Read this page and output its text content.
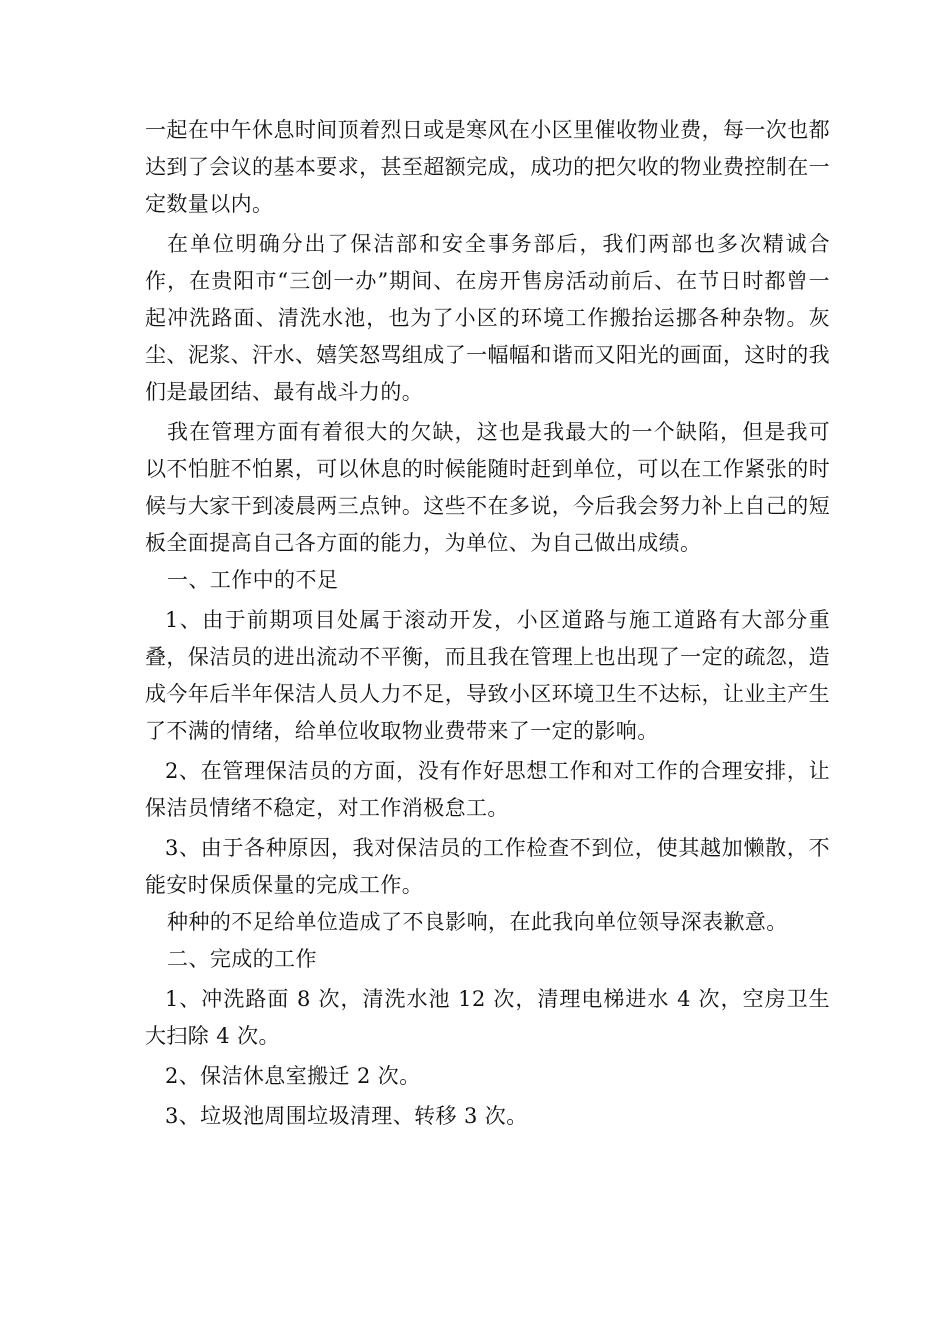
一起在中午休息时间顶着烈日或是寒风在小区里催收物业费，每一次也都达到了会议的基本要求，甚至超额完成，成功的把欠收的物业费控制在一定数量以内。

在单位明确分出了保洁部和安全事务部后，我们两部也多次精诚合作，在贵阳市“三创一办”期间、在房开售房活动前后、在节日时都曾一起冲洗路面、清洗水池，也为了小区的环境工作搬抬运挪各种杂物。灰尘、泥浆、汗水、嬉笑怒骂组成了一幅幅和谐而又阳光的画面，这时的我们是最团结、最有战斗力的。

我在管理方面有着很大的欠缺，这也是我最大的一个缺陷，但是我可以不怕脏不怕累，可以休息的时候能随时赶到单位，可以在工作紧张的时候与大家干到凌晨两三点钟。这些不在多说，今后我会努力补上自己的短板全面提高自己各方面的能力，为单位、为自己做出成绩。

一、工作中的不足

1、由于前期项目处属于滚动开发，小区道路与施工道路有大部分重叠，保洁员的进出流动不平衡，而且我在管理上也出现了一定的疏忽，造成今年后半年保洁人员人力不足，导致小区环境卫生不达标，让业主产生了不满的情绪，给单位收取物业费带来了一定的影响。

2、在管理保洁员的方面，没有作好思想工作和对工作的合理安排，让保洁员情绪不稳定，对工作消极怠工。

3、由于各种原因，我对保洁员的工作检查不到位，使其越加懒散，不能安时保质保量的完成工作。

种种的不足给单位造成了不良影响，在此我向单位领导深表歉意。

二、完成的工作

1、冲洗路面 8 次，清洗水池 12 次，清理电梯进水 4 次，空房卫生大扫除 4 次。

2、保洁休息室搬迁 2 次。

3、垃圾池周围垃圾清理、转移 3 次。
